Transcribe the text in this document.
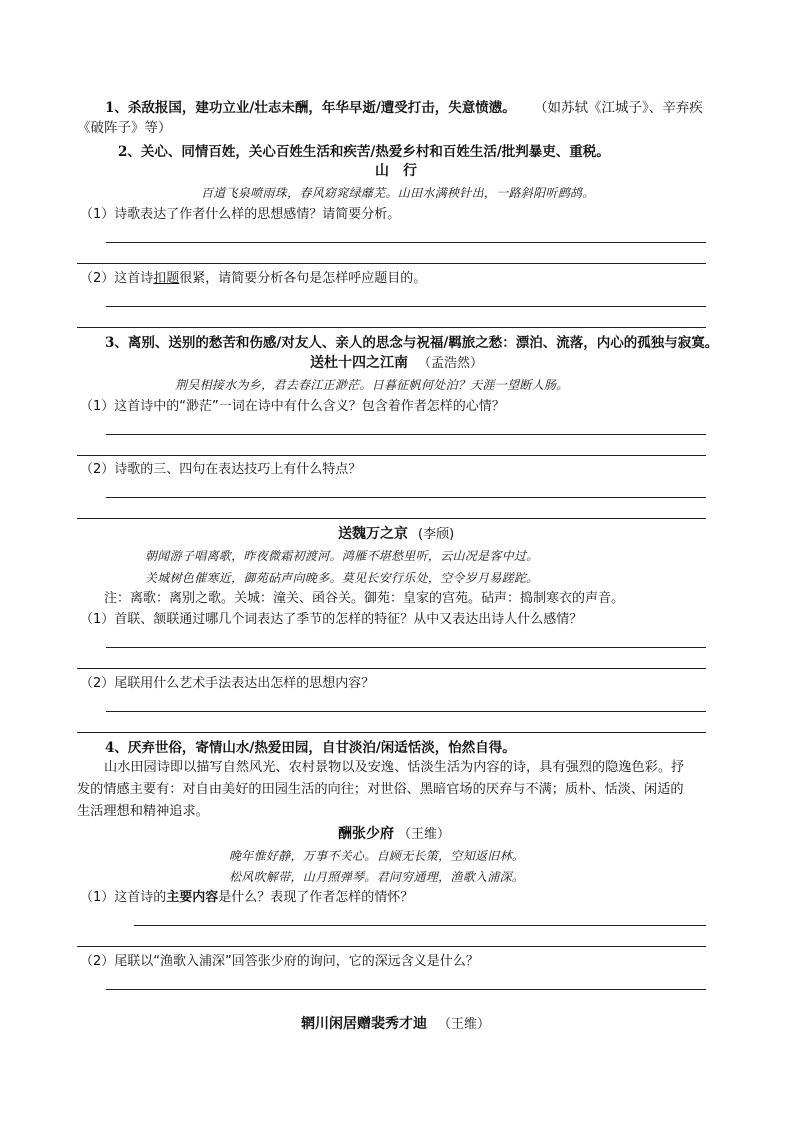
1、杀敌报国，建功立业/壮志未酬，年华早逝/遭受打击，失意愤懑。 （如苏轼《江城子》、辛弃疾
《破阵子》等）
2、关心、同情百姓，关心百姓生活和疾苦/热爱乡村和百姓生活/批判暴吏、重税。
山　行
百道飞泉喷雨珠，春风窈窕绿蘼芜。山田水满秧针出，一路斜阳听鹧鸪。
（1）诗歌表达了作者什么样的思想感情？请简要分析。
（2）这首诗扣题很紧，请简要分析各句是怎样呼应题目的。
3、离别、送别的愁苦和伤感/对友人、亲人的思念与祝福/羁旅之愁：漂泊、流落，内心的孤独与寂寞。
送杜十四之江南 （孟浩然）
荆吴相接水为乡，君去春江正渺茫。日暮征帆何处泊？天涯一望断人肠。
（1）这首诗中的“渺茫”一词在诗中有什么含义？包含着作者怎样的心情？
（2）诗歌的三、四句在表达技巧上有什么特点？
送魏万之京 (李颀)
朝闻游子唱离歌，昨夜微霜初渡河。鸿雁不堪愁里听，云山况是客中过。
关城树色催寒近，御苑砧声向晚多。莫见长安行乐处，空令岁月易蹉跎。
注：离歌：离别之歌。关城：潼关、函谷关。御苑：皇家的宫苑。砧声：捣制寒衣的声音。
（1）首联、颔联通过哪几个词表达了季节的怎样的特征？从中又表达出诗人什么感情？
（2）尾联用什么艺术手法表达出怎样的思想内容？
4、厌弃世俗，寄情山水/热爱田园，自甘淡泊/闲适恬淡，怡然自得。
山水田园诗即以描写自然风光、农村景物以及安逸、恬淡生活为内容的诗，具有强烈的隐逸色彩。抒
发的情感主要有：对自由美好的田园生活的向往；对世俗、黑暗官场的厌弃与不满；质朴、恬淡、闲适的
生活理想和精神追求。
酬张少府 （王维）
晚年惟好静，万事不关心。自顾无长策，空知返旧林。
松风吹解带，山月照弹琴。君问穷通理，渔歌入浦深。
（1）这首诗的主要内容是什么？表现了作者怎样的情怀？
（2）尾联以“渔歌入浦深”回答张少府的询问，它的深远含义是什么？
辋川闲居赠裴秀才迪 （王维）
